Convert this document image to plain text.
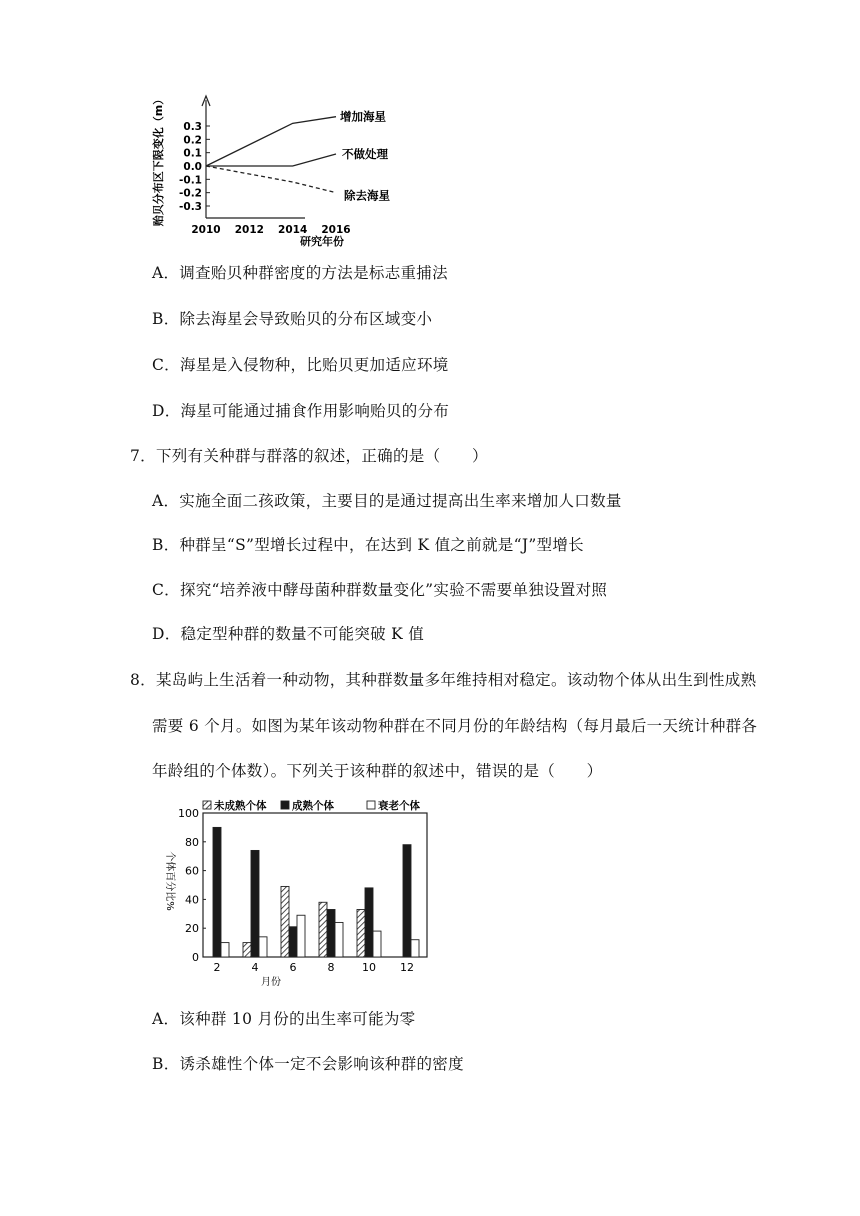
0.3
0.2
0.1
0.0
-0.1
-0.2
-0.3
2010 2012 2014 2016
增加海星
不做处理
除去海星
贻贝分布区下限变化（m）
研究年份
A．调查贻贝种群密度的方法是标志重捕法
B．除去海星会导致贻贝的分布区域变小
C．海星是入侵物种，比贻贝更加适应环境
D．海星可能通过捕食作用影响贻贝的分布
7．下列有关种群与群落的叙述，正确的是（　　）
A．实施全面二孩政策，主要目的是通过提高出生率来增加人口数量
B．种群呈“S”型增长过程中，在达到 K 值之前就是“J”型增长
C．探究“培养液中酵母菌种群数量变化”实验不需要单独设置对照
D．稳定型种群的数量不可能突破 K 值
8．某岛屿上生活着一种动物，其种群数量多年维持相对稳定。该动物个体从出生到性成熟
需要 6 个月。如图为某年该动物种群在不同月份的年龄结构（每月最后一天统计种群各
年龄组的个体数）。下列关于该种群的叙述中，错误的是（　　）
未成熟个体 成熟个体	衰老个体
100
80
60
40
20
0
2	4	6	8	10 12
个体百分比%
月份
A．该种群 10 月份的出生率可能为零
B．诱杀雄性个体一定不会影响该种群的密度
